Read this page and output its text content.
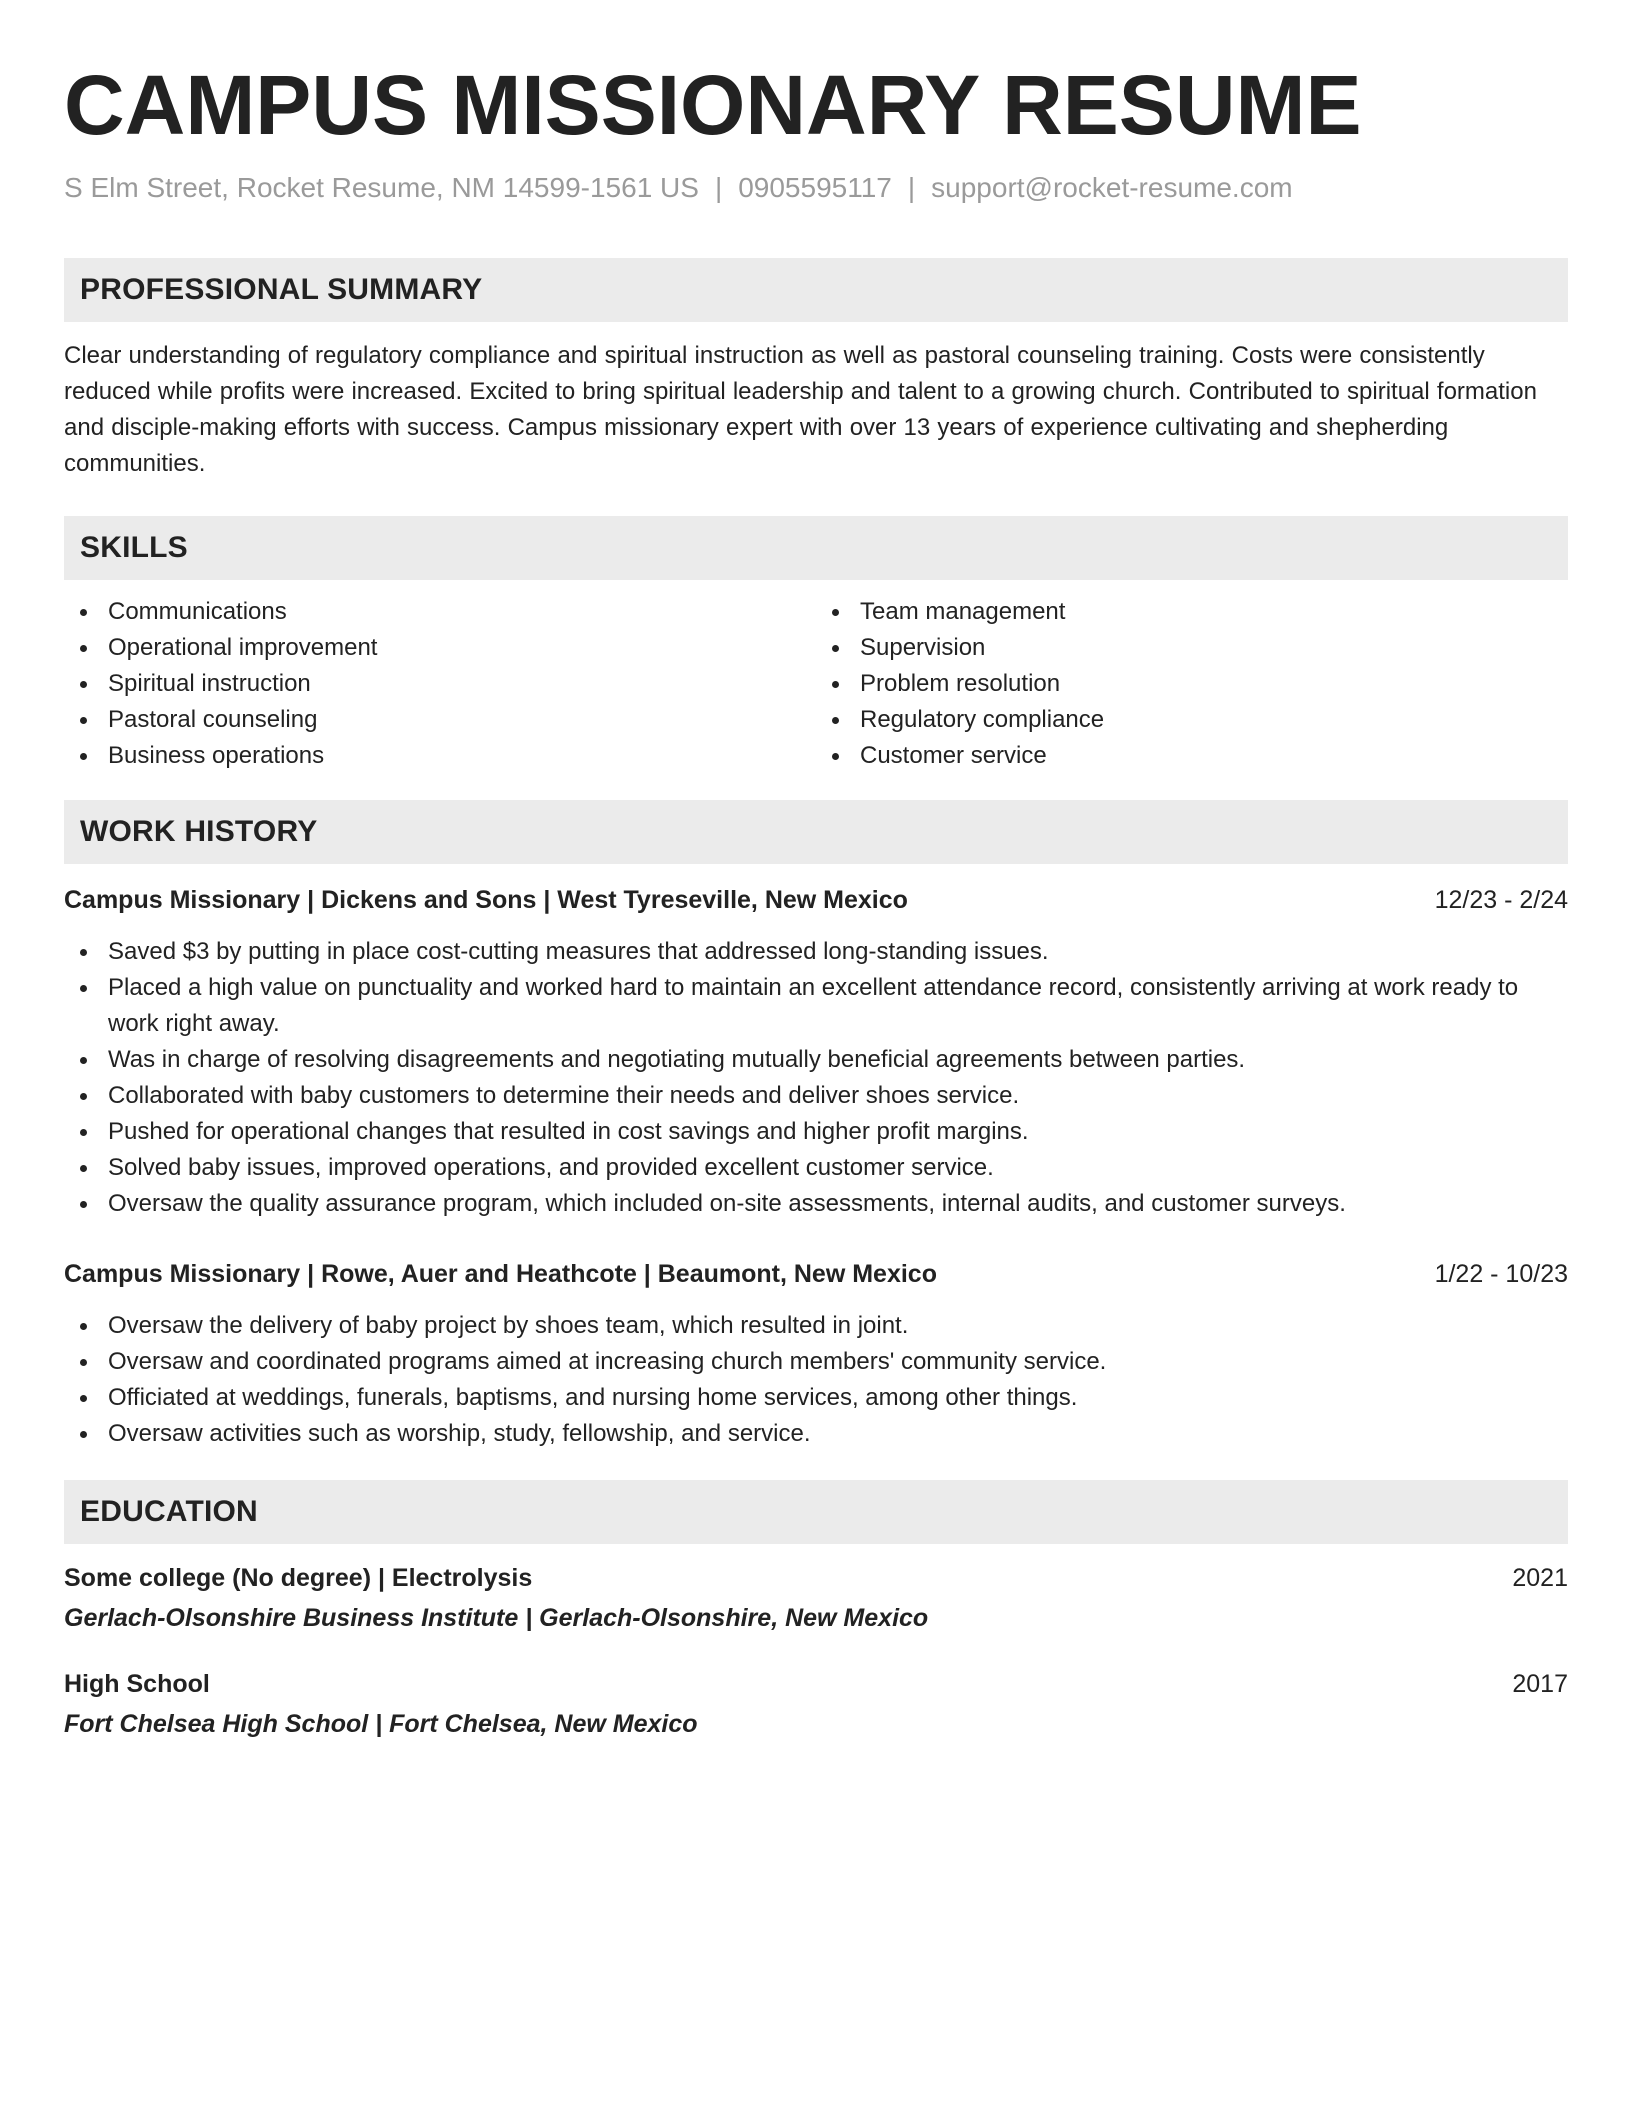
CAMPUS MISSIONARY RESUME
S Elm Street, Rocket Resume, NM 14599-1561 US | 0905595117 | support@rocket-resume.com
PROFESSIONAL SUMMARY
Clear understanding of regulatory compliance and spiritual instruction as well as pastoral counseling training. Costs were consistently reduced while profits were increased. Excited to bring spiritual leadership and talent to a growing church. Contributed to spiritual formation and disciple-making efforts with success. Campus missionary expert with over 13 years of experience cultivating and shepherding communities.
SKILLS
Communications
Operational improvement
Spiritual instruction
Pastoral counseling
Business operations
Team management
Supervision
Problem resolution
Regulatory compliance
Customer service
WORK HISTORY
Campus Missionary | Dickens and Sons | West Tyreseville, New Mexico	12/23 - 2/24
Saved $3 by putting in place cost-cutting measures that addressed long-standing issues.
Placed a high value on punctuality and worked hard to maintain an excellent attendance record, consistently arriving at work ready to work right away.
Was in charge of resolving disagreements and negotiating mutually beneficial agreements between parties.
Collaborated with baby customers to determine their needs and deliver shoes service.
Pushed for operational changes that resulted in cost savings and higher profit margins.
Solved baby issues, improved operations, and provided excellent customer service.
Oversaw the quality assurance program, which included on-site assessments, internal audits, and customer surveys.
Campus Missionary | Rowe, Auer and Heathcote | Beaumont, New Mexico	1/22 - 10/23
Oversaw the delivery of baby project by shoes team, which resulted in joint.
Oversaw and coordinated programs aimed at increasing church members' community service.
Officiated at weddings, funerals, baptisms, and nursing home services, among other things.
Oversaw activities such as worship, study, fellowship, and service.
EDUCATION
Some college (No degree) | Electrolysis	2021
Gerlach-Olsonshire Business Institute | Gerlach-Olsonshire, New Mexico
High School	2017
Fort Chelsea High School | Fort Chelsea, New Mexico
